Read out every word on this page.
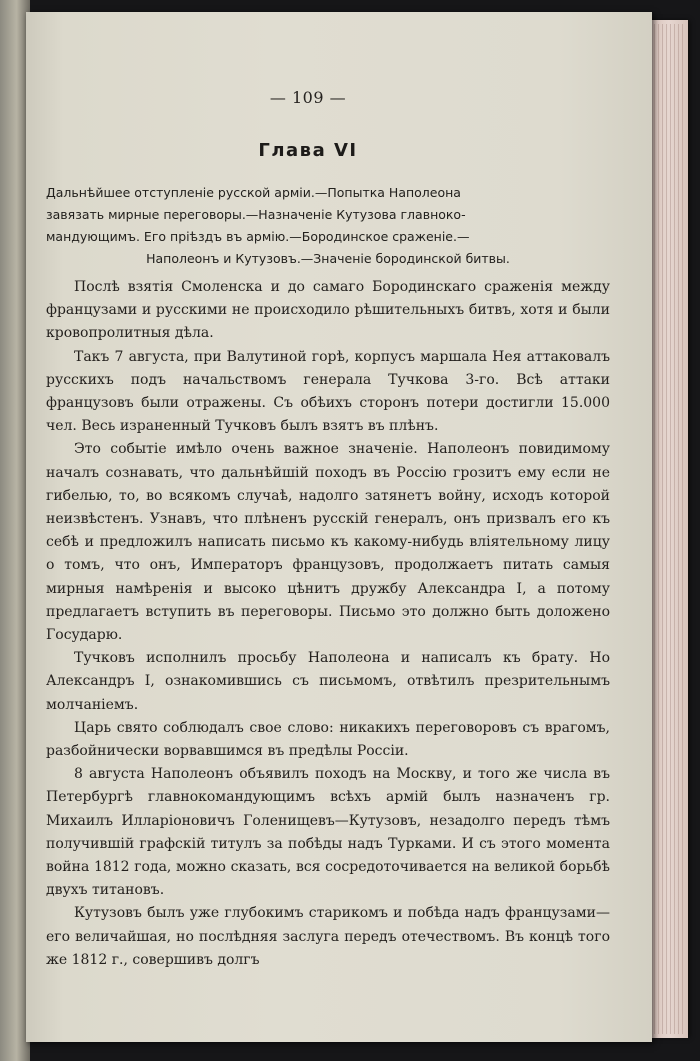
— 109 —
Глава VI
Дальнѣйшее отступленіе русской арміи.—Попытка Наполеона
завязать мирные переговоры.—Назначеніе Кутузова главноко-
мандующимъ. Его пріѣздъ въ армію.—Бородинское сраженіе.—
Наполеонъ и Кутузовъ.—Значеніе бородинской битвы.

Послѣ взятія Смоленска и до самаго Бородинскаго сраженія между французами и русскими не происходило рѣшительныхъ битвъ, хотя и были кровопролитныя дѣла.

Такъ 7 августа, при Валутиной горѣ, корпусъ маршала Нея аттаковалъ русскихъ подъ начальствомъ генерала Тучкова 3-го. Всѣ аттаки французовъ были отражены. Съ обѣихъ сторонъ потери достигли 15.000 чел. Весь израненный Тучковъ былъ взятъ въ плѣнъ.

Это событіе имѣло очень важное значеніе. Наполеонъ повидимому началъ сознавать, что дальнѣйшій походъ въ Россію грозитъ ему если не гибелью, то, во всякомъ случаѣ, надолго затянетъ войну, исходъ которой неизвѣстенъ. Узнавъ, что плѣненъ русскій генералъ, онъ призвалъ его къ себѣ и предложилъ написать письмо къ какому-нибудь вліятельному лицу о томъ, что онъ, Императоръ французовъ, продолжаетъ питать самыя мирныя намѣренія и высоко цѣнитъ дружбу Александра I, а потому предлагаетъ вступить въ переговоры. Письмо это должно быть доложено Государю.

Тучковъ исполнилъ просьбу Наполеона и написалъ къ брату. Но Александръ I, ознакомившись съ письмомъ, отвѣтилъ презрительнымъ молчаніемъ.

Царь свято соблюдалъ свое слово: никакихъ переговоровъ съ врагомъ, разбойнически ворвавшимся въ предѣлы Россіи.

8 августа Наполеонъ объявилъ походъ на Москву, и того же числа въ Петербургѣ главнокомандующимъ всѣхъ армій былъ назначенъ гр. Михаилъ Илларіоновичъ Голенищевъ—Кутузовъ, незадолго передъ тѣмъ получившій графскій титулъ за побѣды надъ Турками. И съ этого момента война 1812 года, можно сказать, вся сосредоточивается на великой борьбѣ двухъ титановъ.

Кутузовъ былъ уже глубокимъ старикомъ и побѣда надъ французами—его величайшая, но послѣдняя заслуга передъ отечествомъ. Въ концѣ того же 1812 г., совершивъ долгъ
